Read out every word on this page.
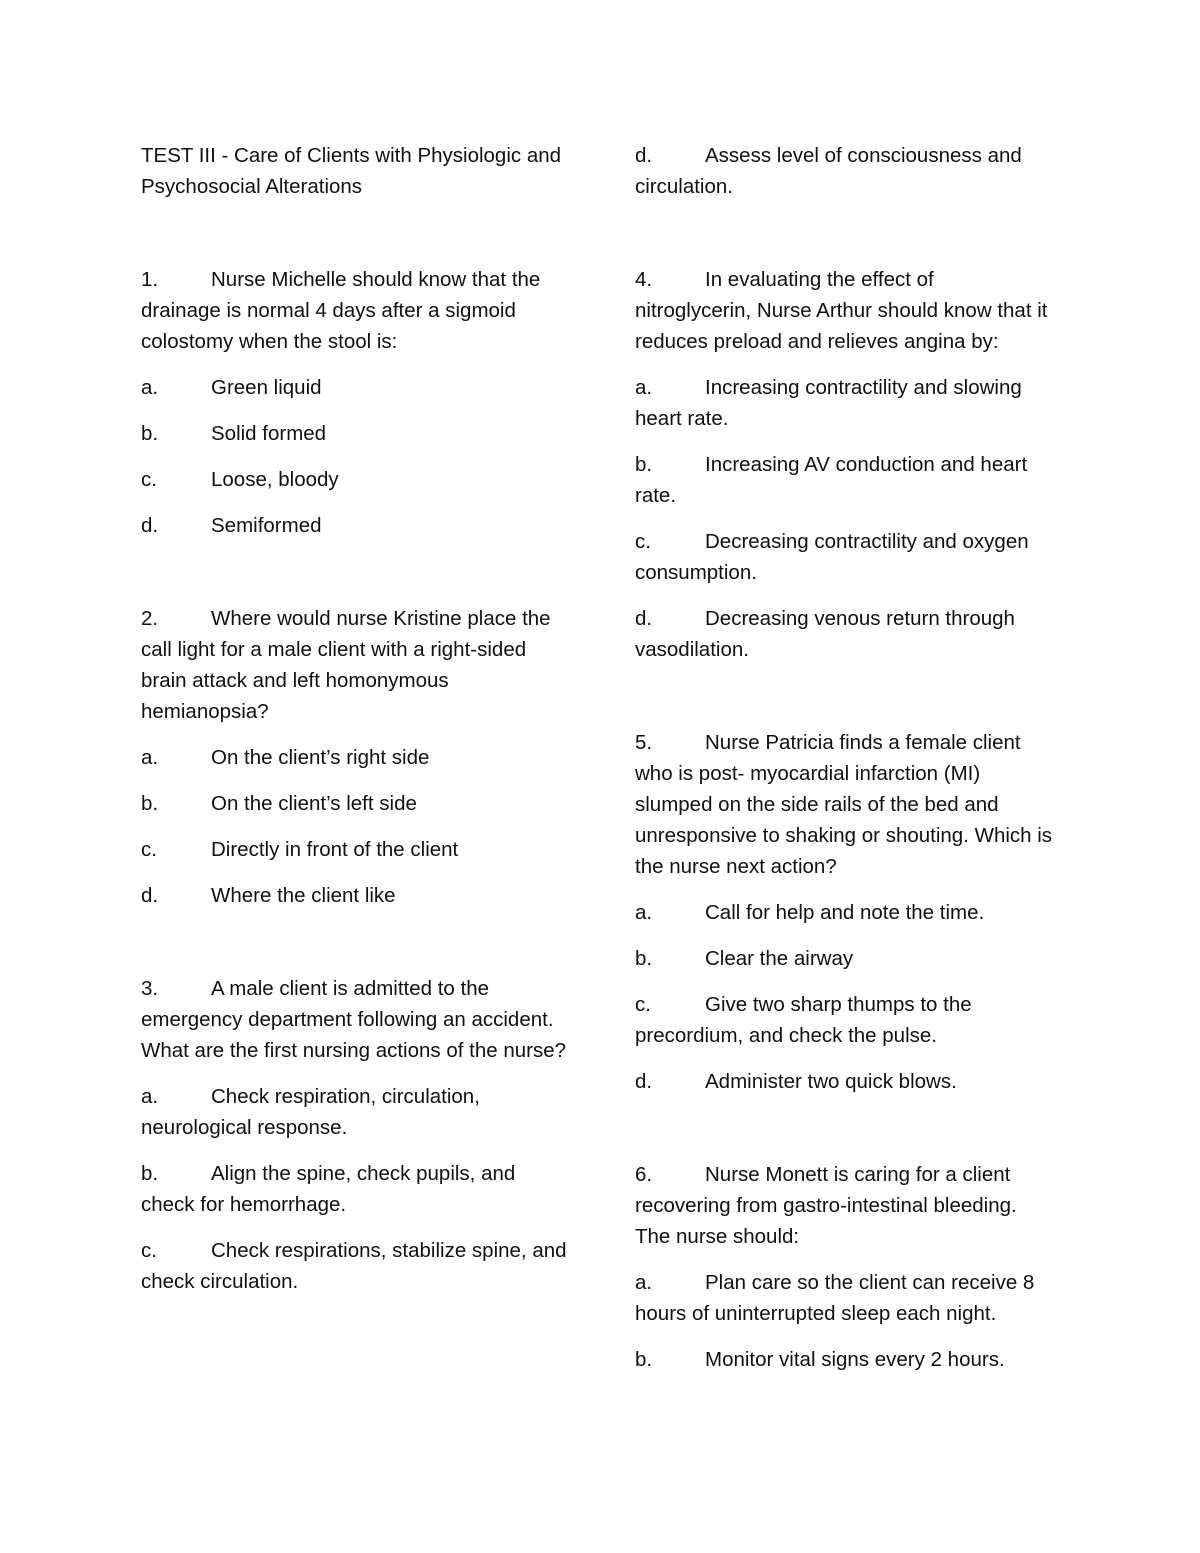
TEST III - Care of Clients with Physiologic and Psychosocial Alterations

1.	Nurse Michelle should know that the drainage is normal 4 days after a sigmoid colostomy when the stool is:

a.	Green liquid

b.	Solid formed

c.	Loose, bloody

d.	Semiformed

2.	Where would nurse Kristine place the call light for a male client with a right-sided brain attack and left homonymous hemianopsia?

a.	On the client’s right side

b.	On the client’s left side

c.	Directly in front of the client

d.	Where the client like

3.	A male client is admitted to the emergency department following an accident. What are the first nursing actions of the nurse?

a.	Check respiration, circulation, neurological response.

b.	Align the spine, check pupils, and check for hemorrhage.

c.	Check respirations, stabilize spine, and check circulation.

d.	Assess level of consciousness and circulation.

4.	In evaluating the effect of nitroglycerin, Nurse Arthur should know that it reduces preload and relieves angina by:

a.	Increasing contractility and slowing heart rate.

b.	Increasing AV conduction and heart rate.

c.	Decreasing contractility and oxygen consumption.

d.	Decreasing venous return through vasodilation.

5.	Nurse Patricia finds a female client who is post- myocardial infarction (MI) slumped on the side rails of the bed and unresponsive to shaking or shouting. Which is the nurse next action?

a.	Call for help and note the time.

b.	Clear the airway

c.	Give two sharp thumps to the precordium, and check the pulse.

d.	Administer two quick blows.

6.	Nurse Monett is caring for a client recovering from gastro-intestinal bleeding. The nurse should:

a.	Plan care so the client can receive 8 hours of uninterrupted sleep each night.

b.	Monitor vital signs every 2 hours.
